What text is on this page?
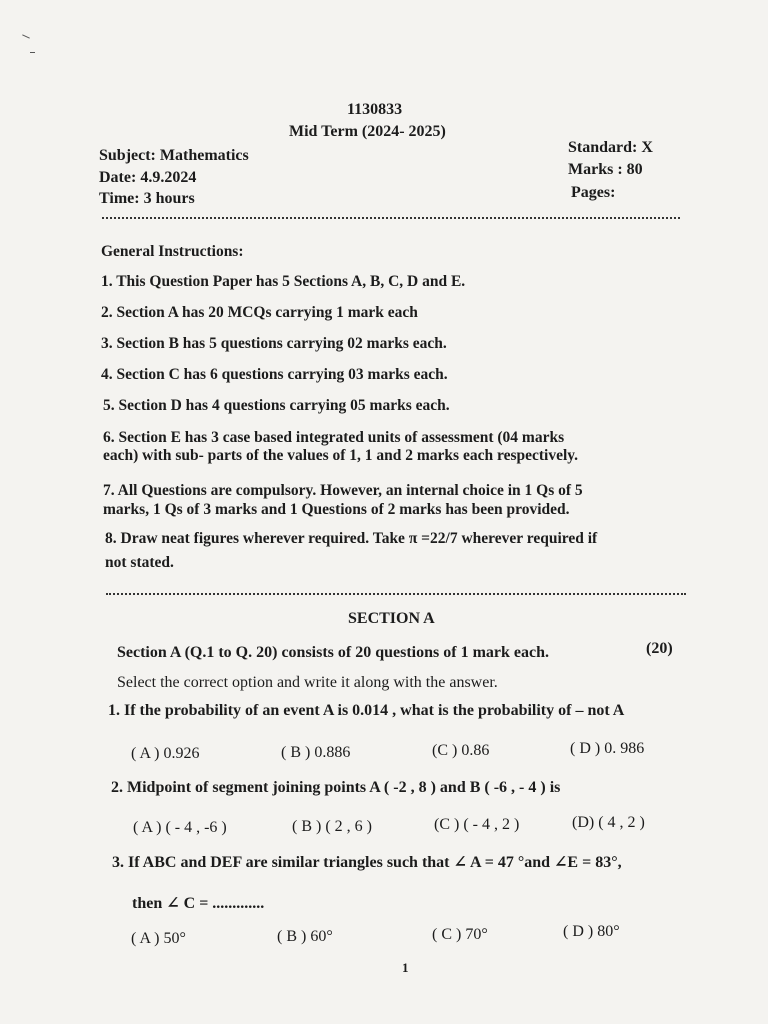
1130833
Mid Term (2024- 2025)
Subject: Mathematics
Date: 4.9.2024
Time: 3 hours
Standard: X
Marks : 80
Pages:
General Instructions:
1. This Question Paper has 5 Sections A, B, C, D and E.
2. Section A has 20 MCQs carrying 1 mark each
3. Section B has 5 questions carrying 02 marks each.
4. Section C has 6 questions carrying 03 marks each.
5. Section D has 4 questions carrying 05 marks each.
6. Section E has 3 case based integrated units of assessment (04 marks
each) with sub- parts of the values of 1, 1 and 2 marks each respectively.
7. All Questions are compulsory. However, an internal choice in 1 Qs of 5
marks, 1 Qs of 3 marks and 1 Questions of 2 marks has been provided.
8. Draw neat figures wherever required. Take π =22/7 wherever required if
not stated.
SECTION A
Section A (Q.1 to Q. 20) consists of 20 questions of 1 mark each.	(20)
Select the correct option and write it along with the answer.
1. If the probability of an event A is 0.014 , what is the probability of – not A
( A ) 0.926	( B ) 0.886	(C ) 0.86	( D ) 0. 986
2. Midpoint of segment joining points A ( -2 , 8 ) and B ( -6 , - 4 ) is
( A ) ( - 4 , -6 )	( B ) ( 2 , 6 )	(C ) ( - 4 , 2 )	(D) ( 4 , 2 )
3. If ABC and DEF are similar triangles such that ∠ A = 47 °and ∠E = 83°,
then ∠ C = .............
( A ) 50°	( B ) 60°	( C ) 70°	( D ) 80°
1
